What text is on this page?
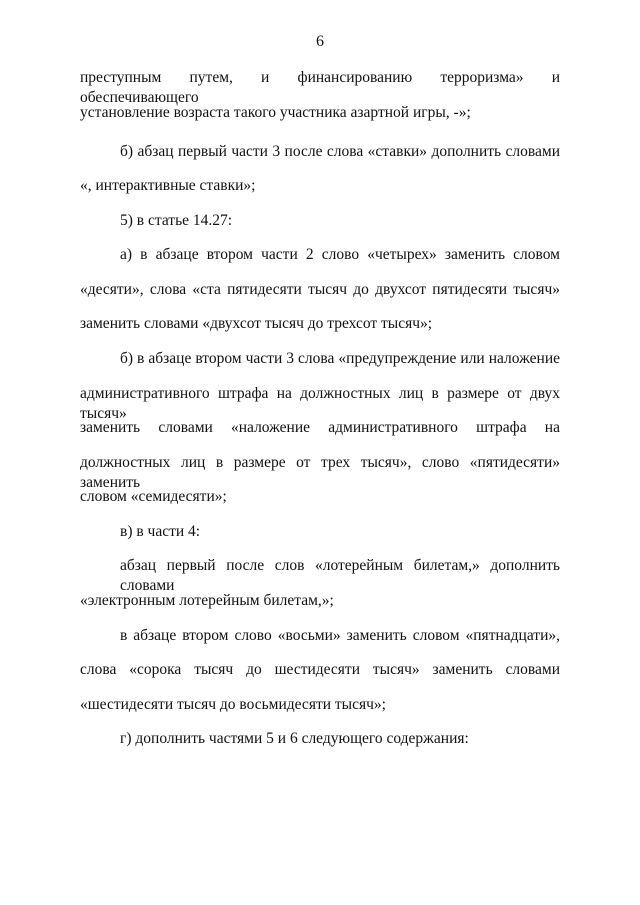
6
преступным путем, и финансированию терроризма» и обеспечивающего
установление возраста такого участника азартной игры, -»;
б) абзац первый части 3 после слова «ставки» дополнить словами
«, интерактивные ставки»;
5) в статье 14.27:
а) в абзаце втором части 2 слово «четырех» заменить словом
«десяти», слова «ста пятидесяти тысяч до двухсот пятидесяти тысяч»
заменить словами «двухсот тысяч до трехсот тысяч»;
б) в абзаце втором части 3 слова «предупреждение или наложение
административного штрафа на должностных лиц в размере от двух тысяч»
заменить словами «наложение административного штрафа на
должностных лиц в размере от трех тысяч», слово «пятидесяти» заменить
словом «семидесяти»;
в) в части 4:
абзац первый после слов «лотерейным билетам,» дополнить словами
«электронным лотерейным билетам,»;
в абзаце втором слово «восьми» заменить словом «пятнадцати»,
слова «сорока тысяч до шестидесяти тысяч» заменить словами
«шестидесяти тысяч до восьмидесяти тысяч»;
г) дополнить частями 5 и 6 следующего содержания:
